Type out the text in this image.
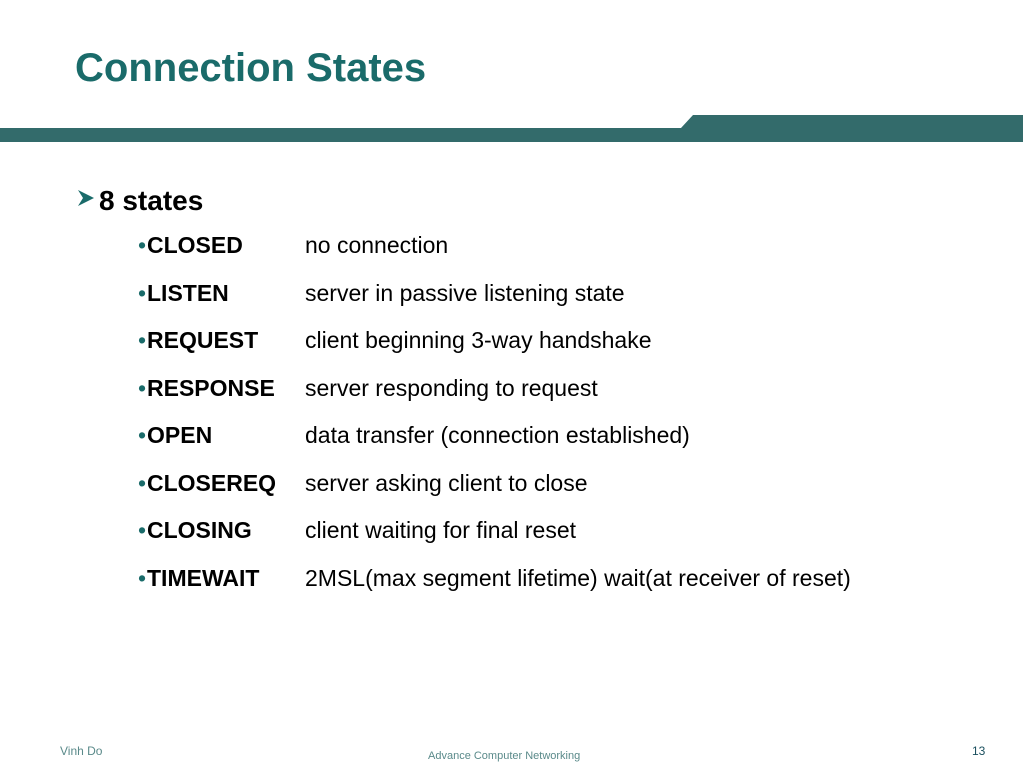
Connection States
8 states
• CLOSED	no connection
• LISTEN	server in passive listening state
• REQUEST client beginning 3-way handshake
• RESPONSE server responding to request
• OPEN	data transfer (connection established)
• CLOSEREQ server asking client to close
• CLOSING client waiting for final reset
• TIMEWAIT 2MSL(max segment lifetime) wait(at receiver of reset)
Vinh Do	Advance Computer Networking	13
